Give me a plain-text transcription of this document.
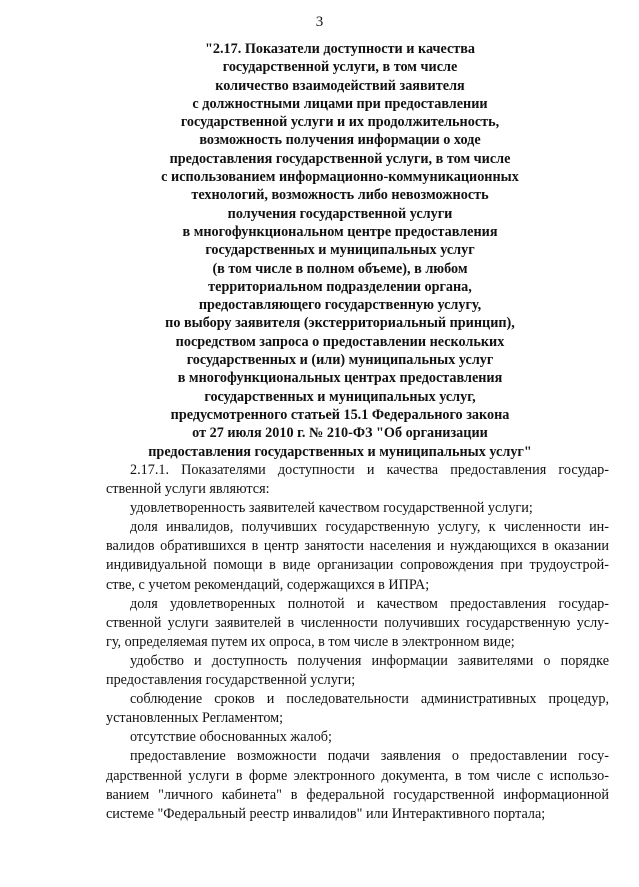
3
"2.17. Показатели доступности и качества
государственной услуги, в том числе
количество взаимодействий заявителя
с должностными лицами при предоставлении
государственной услуги и их продолжительность,
возможность получения информации о ходе
предоставления государственной услуги, в том числе
с использованием информационно-коммуникационных
технологий, возможность либо невозможность
получения государственной услуги
в многофункциональном центре предоставления
государственных и муниципальных услуг
(в том числе в полном объеме), в любом
территориальном подразделении органа,
предоставляющего государственную услугу,
по выбору заявителя (экстерриториальный принцип),
посредством запроса о предоставлении нескольких
государственных и (или) муниципальных услуг
в многофункциональных центрах предоставления
государственных и муниципальных услуг,
предусмотренного статьей 15.1 Федерального закона
от 27 июля 2010 г. № 210-ФЗ "Об организации
предоставления государственных и муниципальных услуг"
2.17.1. Показателями доступности и качества предоставления государ-
ственной услуги являются:
удовлетворенность заявителей качеством государственной услуги;
доля инвалидов, получивших государственную услугу, к численности ин-
валидов обратившихся в центр занятости населения и нуждающихся в оказании
индивидуальной помощи в виде организации сопровождения при трудоустрой-
стве, с учетом рекомендаций, содержащихся в ИПРА;
доля удовлетворенных полнотой и качеством предоставления государ-
ственной услуги заявителей в численности получивших государственную услу-
гу, определяемая путем их опроса, в том числе в электронном виде;
удобство и доступность получения информации заявителями о порядке
предоставления государственной услуги;
соблюдение сроков и последовательности административных процедур,
установленных Регламентом;
отсутствие обоснованных жалоб;
предоставление возможности подачи заявления о предоставлении госу-
дарственной услуги в форме электронного документа, в том числе с использо-
ванием "личного кабинета" в федеральной государственной информационной
системе "Федеральный реестр инвалидов" или Интерактивного портала;
